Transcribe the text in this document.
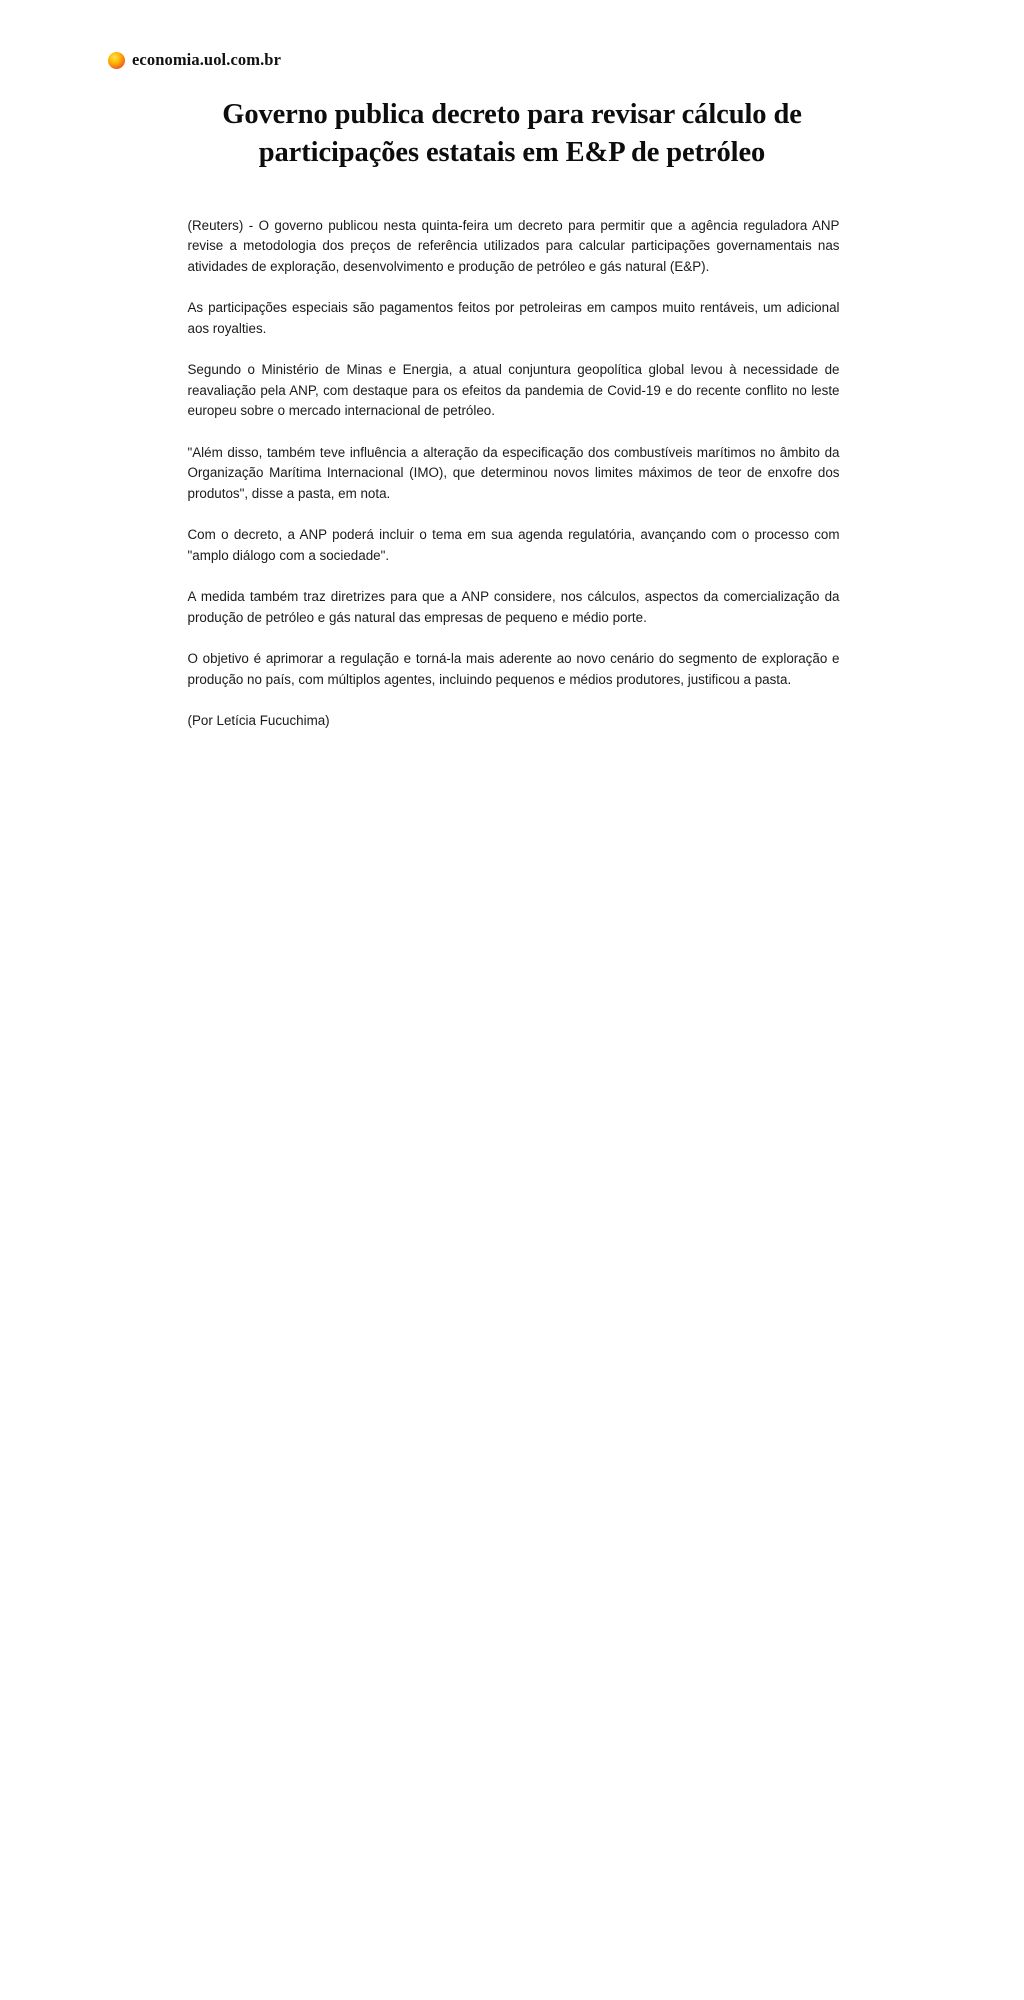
economia.uol.com.br
Governo publica decreto para revisar cálculo de participações estatais em E&P de petróleo

(Reuters) - O governo publicou nesta quinta-feira um decreto para permitir que a agência reguladora ANP revise a metodologia dos preços de referência utilizados para calcular participações governamentais nas atividades de exploração, desenvolvimento e produção de petróleo e gás natural (E&P).

As participações especiais são pagamentos feitos por petroleiras em campos muito rentáveis, um adicional aos royalties.

Segundo o Ministério de Minas e Energia, a atual conjuntura geopolítica global levou à necessidade de reavaliação pela ANP, com destaque para os efeitos da pandemia de Covid-19 e do recente conflito no leste europeu sobre o mercado internacional de petróleo.

"Além disso, também teve influência a alteração da especificação dos combustíveis marítimos no âmbito da Organização Marítima Internacional (IMO), que determinou novos limites máximos de teor de enxofre dos produtos", disse a pasta, em nota.

Com o decreto, a ANP poderá incluir o tema em sua agenda regulatória, avançando com o processo com "amplo diálogo com a sociedade".

A medida também traz diretrizes para que a ANP considere, nos cálculos, aspectos da comercialização da produção de petróleo e gás natural das empresas de pequeno e médio porte.

O objetivo é aprimorar a regulação e torná-la mais aderente ao novo cenário do segmento de exploração e produção no país, com múltiplos agentes, incluindo pequenos e médios produtores, justificou a pasta.

(Por Letícia Fucuchima)
